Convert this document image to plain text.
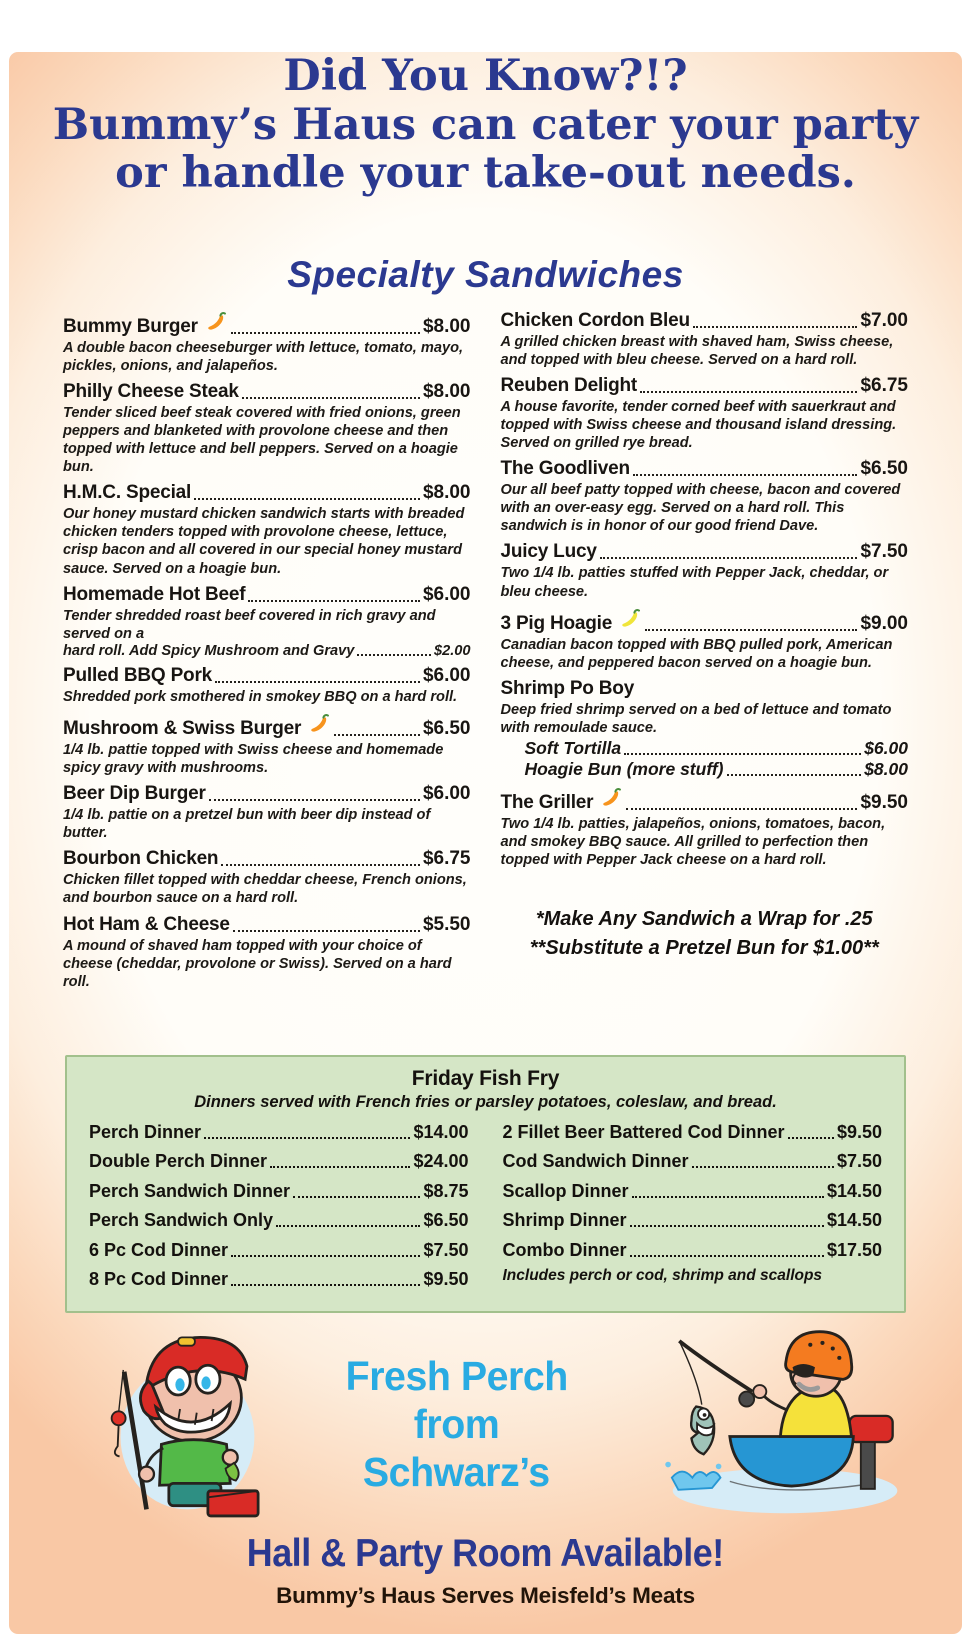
Did You Know?!?
Bummy’s Haus can cater your party
or handle your take-out needs.
Specialty Sandwiches
Bummy Burger	$8.00
A double bacon cheeseburger with lettuce, tomato, mayo, pickles, onions, and jalapeños.
Philly Cheese Steak	$8.00
Tender sliced beef steak covered with fried onions, green peppers and blanketed with provolone cheese and then topped with lettuce and bell peppers. Served on a hoagie bun.
H.M.C. Special	$8.00
Our honey mustard chicken sandwich starts with breaded chicken tenders topped with provolone cheese, lettuce, crisp bacon and all covered in our special honey mustard sauce. Served on a hoagie bun.
Homemade Hot Beef	$6.00
Tender shredded roast beef covered in rich gravy and served on a
hard roll. Add Spicy Mushroom and Gravy	$2.00
Pulled BBQ Pork	$6.00
Shredded pork smothered in smokey BBQ on a hard roll.
Mushroom & Swiss Burger	$6.50
1/4 lb. pattie topped with Swiss cheese and homemade spicy gravy with mushrooms.
Beer Dip Burger	$6.00
1/4 lb. pattie on a pretzel bun with beer dip instead of butter.
Bourbon Chicken	$6.75
Chicken fillet topped with cheddar cheese, French onions, and bourbon sauce on a hard roll.
Hot Ham & Cheese	$5.50
A mound of shaved ham topped with your choice of cheese (cheddar, provolone or Swiss). Served on a hard roll.
Chicken Cordon Bleu	$7.00
A grilled chicken breast with shaved ham, Swiss cheese, and topped with bleu cheese. Served on a hard roll.
Reuben Delight	$6.75
A house favorite, tender corned beef with sauerkraut and topped with Swiss cheese and thousand island dressing. Served on grilled rye bread.
The Goodliven	$6.50
Our all beef patty topped with cheese, bacon and covered with an over-easy egg. Served on a hard roll. This sandwich is in honor of our good friend Dave.
Juicy Lucy	$7.50
Two 1/4 lb. patties stuffed with Pepper Jack, cheddar, or bleu cheese.
3 Pig Hoagie	$9.00
Canadian bacon topped with BBQ pulled pork, American cheese, and peppered bacon served on a hoagie bun.
Shrimp Po Boy
Deep fried shrimp served on a bed of lettuce and tomato with remoulade sauce.
Soft Tortilla	$6.00
Hoagie Bun (more stuff)	$8.00
The Griller	$9.50
Two 1/4 lb. patties, jalapeños, onions, tomatoes, bacon, and smokey BBQ sauce. All grilled to perfection then topped with Pepper Jack cheese on a hard roll.
*Make Any Sandwich a Wrap for .25
**Substitute a Pretzel Bun for $1.00**
Friday Fish Fry
Dinners served with French fries or parsley potatoes, coleslaw, and bread.
Perch Dinner	$14.00
Double Perch Dinner	$24.00
Perch Sandwich Dinner	$8.75
Perch Sandwich Only	$6.50
6 Pc Cod Dinner	$7.50
8 Pc Cod Dinner	$9.50
2 Fillet Beer Battered Cod Dinner	$9.50
Cod Sandwich Dinner	$7.50
Scallop Dinner	$14.50
Shrimp Dinner	$14.50
Combo Dinner	$17.50
Includes perch or cod, shrimp and scallops
Fresh Perch
from
Schwarz’s
Hall & Party Room Available!
Bummy’s Haus Serves Meisfeld’s Meats
